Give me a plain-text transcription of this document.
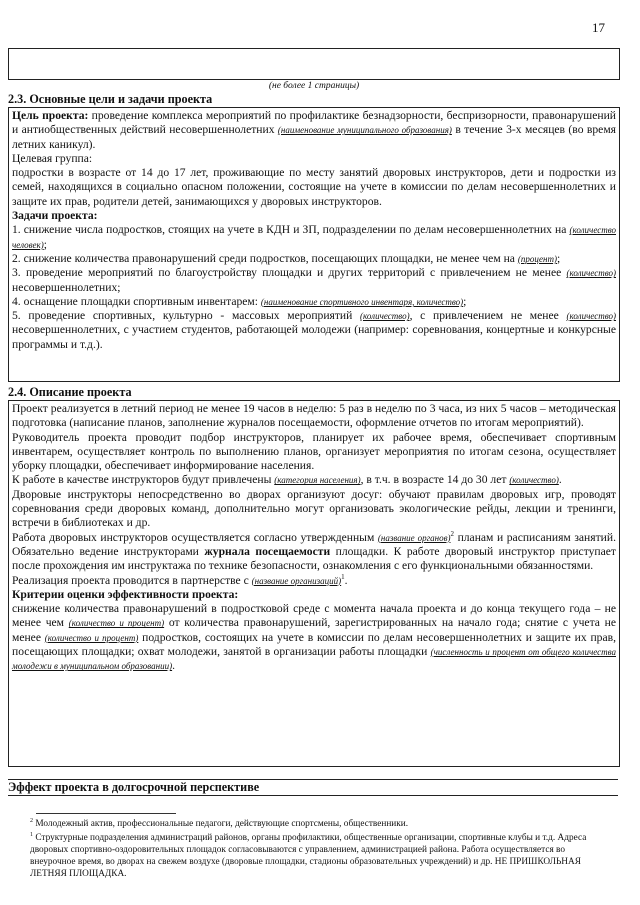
17
(не более 1 страницы)
2.3. Основные цели и задачи проекта

Цель проекта: проведение комплекса мероприятий по профилактике безнадзорности, беспризорности, правонарушений и антиобщественных действий несовершеннолетних (наименование муниципального образования) в течение 3-х месяцев (во время летних каникул).

Целевая группа:

подростки в возрасте от 14 до 17 лет, проживающие по месту занятий дворовых инструкторов, дети и подростки из семей, находящихся в социально опасном положении, состоящие на учете в комиссии по делам несовершеннолетних и защите их прав, родители детей, занимающихся у дворовых инструкторов.

Задачи проекта:

1. снижение числа подростков, стоящих на учете в КДН и ЗП, подразделении по делам несовершеннолетних на (количество человек);

2. снижение количества правонарушений среди подростков, посещающих площадки, не менее чем на (процент);

3. проведение мероприятий по благоустройству площадки и других территорий с привлечением не менее (количество) несовершеннолетних;

4. оснащение площадки спортивным инвентарем: (наименование спортивного инвентаря, количество);

5. проведение спортивных, культурно - массовых мероприятий (количество), с привлечением не менее (количество) несовершеннолетних, с участием студентов, работающей молодежи (например: соревнования, концертные и конкурсные программы и т.д.).

2.4. Описание проекта

Проект реализуется в летний период не менее 19 часов в неделю: 5 раз в неделю по 3 часа, из них 5 часов – методическая подготовка (написание планов, заполнение журналов посещаемости, оформление отчетов по итогам мероприятий).

Руководитель проекта проводит подбор инструкторов, планирует их рабочее время, обеспечивает спортивным инвентарем, осуществляет контроль по выполнению планов, организует мероприятия по итогам сезона, осуществляет уборку площадки, обеспечивает информирование населения.

К работе в качестве инструкторов будут привлечены (категория населения), в т.ч. в возрасте 14 до 30 лет (количество).

Дворовые инструкторы непосредственно во дворах организуют досуг: обучают правилам дворовых игр, проводят соревнования среди дворовых команд, дополнительно могут организовать экологические рейды, лекции и тренинги, встречи в библиотеках и др.

Работа дворовых инструкторов осуществляется согласно утвержденным (название органов)$^2$ планам и расписаниям занятий. Обязательно ведение инструкторами журнала посещаемости площадки. К работе дворовый инструктор приступает после прохождения им инструктажа по технике безопасности, ознакомления с его функциональными обязанностями.

Реализация проекта проводится в партнерстве с (название организаций)$^1$.

Критерии оценки эффективности проекта:

снижение количества правонарушений в подростковой среде с момента начала проекта и до конца текущего года – не менее чем (количество и процент) от количества правонарушений, зарегистрированных на начало года; снятие с учета не менее (количество и процент) подростков, состоящих на учете в комиссии по делам несовершеннолетних и защите их прав, посещающих площадки; охват молодежи, занятой в организации работы площадки (численность и процент от общего количества молодежи в муниципальном образовании).

Эффект проекта в долгосрочной перспективе

$^2$ Молодежный актив, профессиональные педагоги, действующие спортсмены, общественники.

$^1$ Структурные подразделения администраций районов, органы профилактики, общественные организации, спортивные клубы и т.д. Адреса дворовых спортивно-оздоровительных площадок согласовываются с управлением, администрацией района. Работа осуществляется во внеурочное время, во дворах на свежем воздухе (дворовые площадки, стадионы образовательных учреждений) и др. НЕ ПРИШКОЛЬНАЯ ЛЕТНЯЯ ПЛОЩАДКА.
